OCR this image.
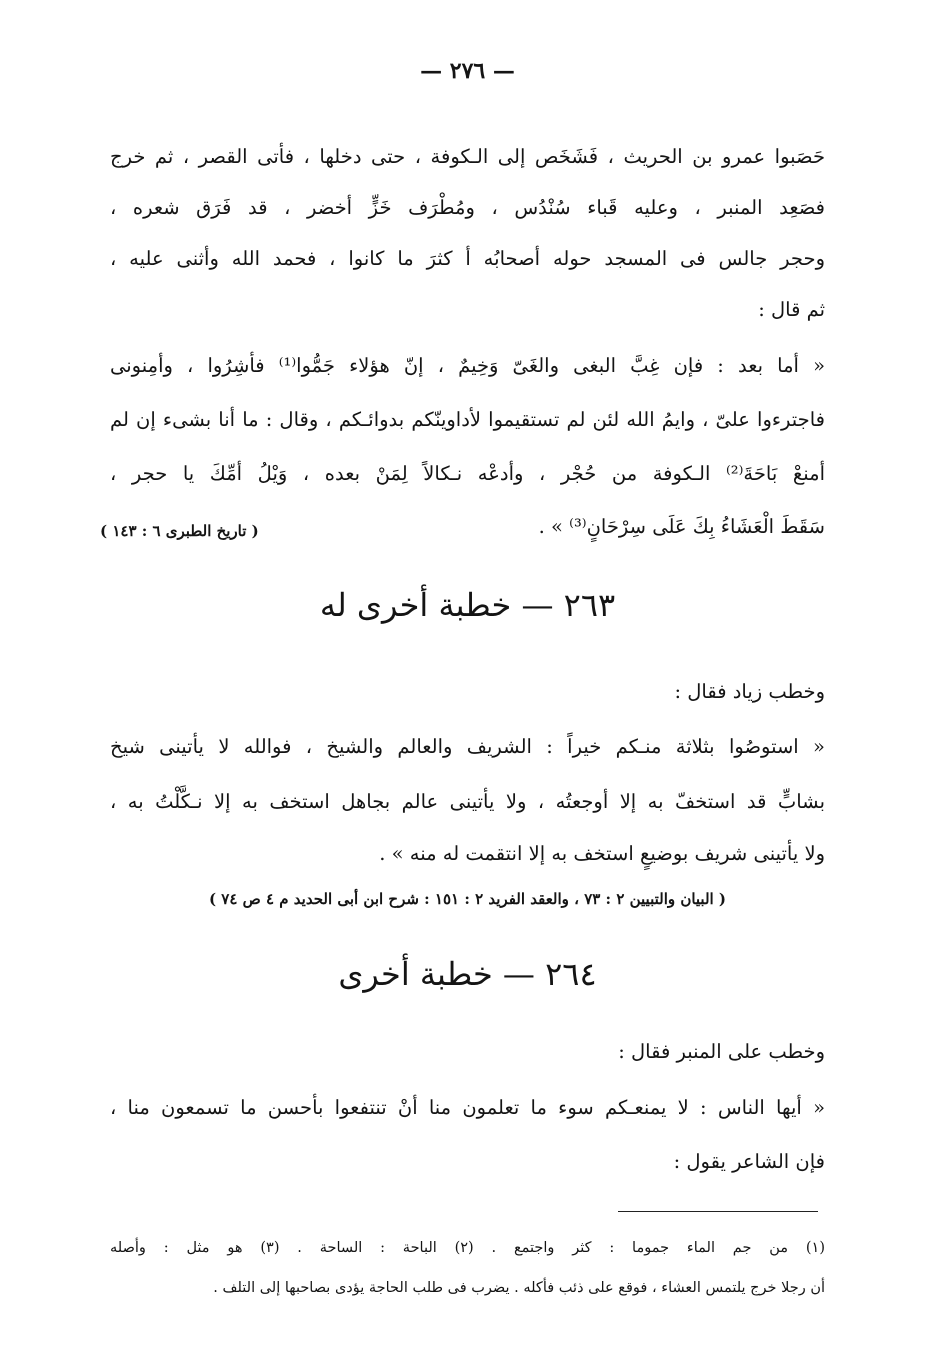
— ٢٧٦ —
حَصَبوا عمرو بن الحريث ، فَشَخَص إلى الـكوفة ، حتى دخلها ، فأتى القصر ، ثم خرج
فصَعِد المنبر ، وعليه قَباء سُنْدُس ، ومُطْرَف خَزٍّ أخضر ، قد فَرَق شعره ،
وحجر جالس فى المسجد حوله أصحابُه أ كثرَ ما كانوا ، فحمد الله وأثنى عليه ،
ثم قال :
« أما بعد : فإن غِبَّ البغى والغَىّ وَخِيمٌ ، إنّ هؤلاء جَمُّوا⁽¹⁾ فأشِرُوا ، وأمِنونى
فاجترءوا علىّ ، وايمُ الله لئن لم تستقيموا لأداوينّكم بدوائـكم ، وقال : ما أنا بشىء إن لم
أمنعْ بَاحَةَ⁽²⁾ الـكوفة من حُجْر ، وأدعْه نـكالاً لِمَنْ بعده ، وَيْلُ أمِّكَ يا حجر ،
سَقَطَ الْعَشَاءُ بِكَ عَلَى سِرْحَانٍ⁽³⁾ » .
( تاريخ الطبرى ٦ : ١٤٣ )
٢٦٣ — خطبة أخرى له
وخطب زياد فقال :
« استوصُوا بثلاثة منـكم خيراً : الشريف والعالم والشيخ ، فوالله لا يأتينى شيخ
بشابٍّ قد استخفّ به إلا أوجعتُه ، ولا يأتينى عالم بجاهل استخف به إلا نـكَّلْتُ به ،
ولا يأتينى شريف بوضيعٍ استخف به إلا انتقمت له منه » .
( البيان والتبيين ٢ : ٧٣ ، والعقد الفريد ٢ : ١٥١ : شرح ابن أبى الحديد م ٤ ص ٧٤ )
٢٦٤ — خطبة أخرى
وخطب على المنبر فقال :
« أيها الناس : لا يمنعـكم سوء ما تعلمون منا أنْ تنتفعوا بأحسن ما تسمعون منا ،
فإن الشاعر يقول :
(١) من جم الماء جموما : كثر واجتمع . (٢) الباحة : الساحة . (٣) هو مثل : وأصله
أن رجلا خرج يلتمس العشاء ، فوقع على ذئب فأكله . يضرب فى طلب الحاجة يؤدى بصاحبها إلى التلف .
